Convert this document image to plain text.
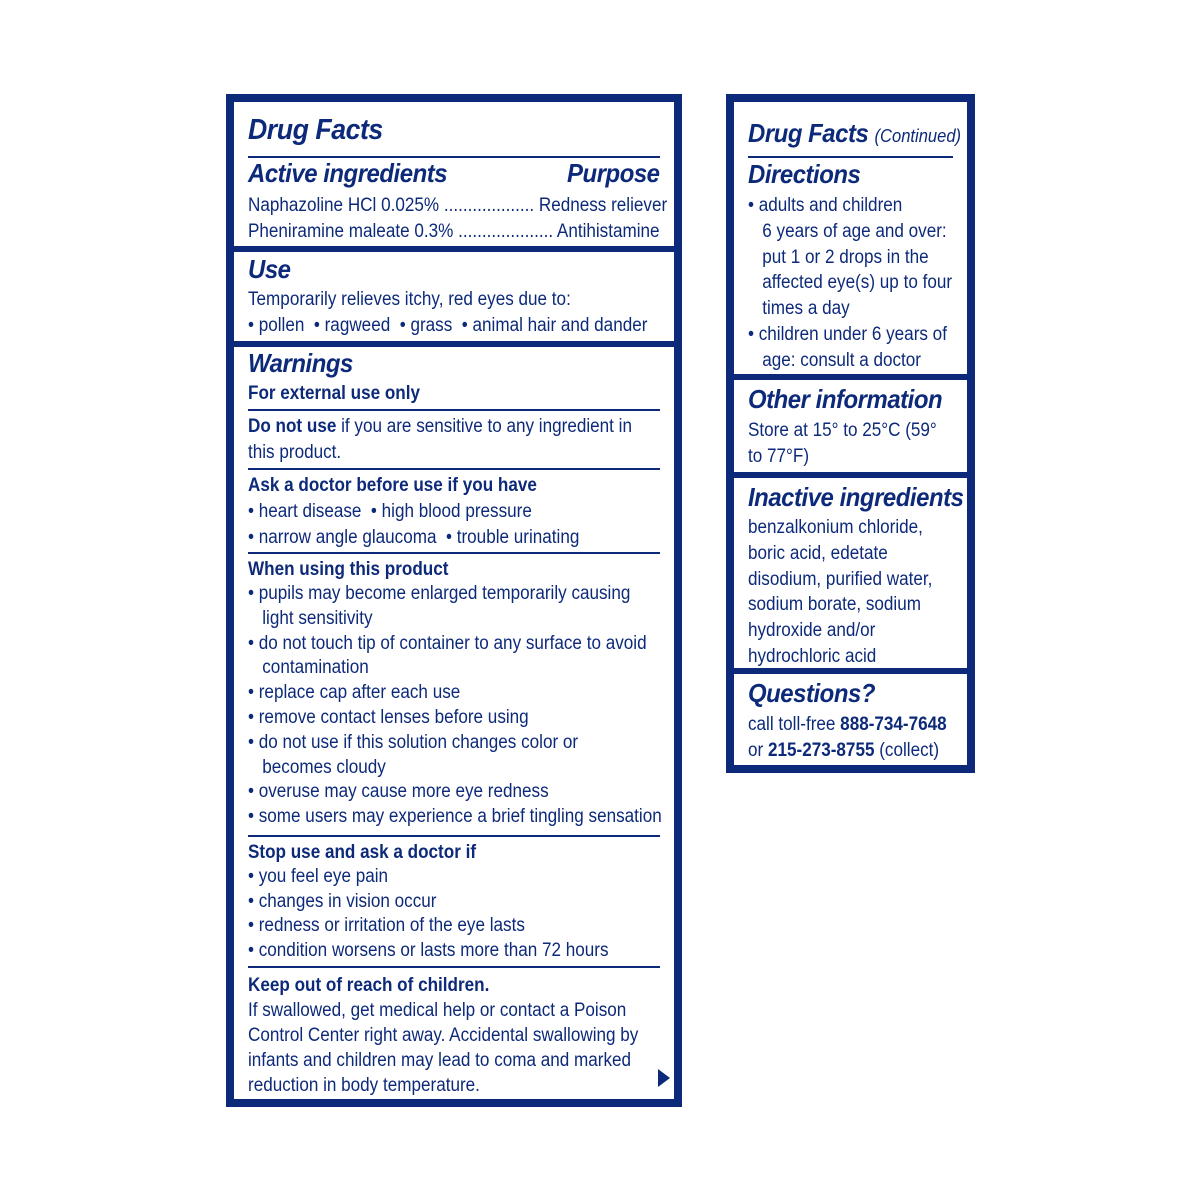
Drug Facts
Active ingredients	Purpose
Naphazoline HCl 0.025% ................... Redness reliever
Pheniramine maleate 0.3% .................... Antihistamine
Use
Temporarily relieves itchy, red eyes due to:
• pollen  • ragweed  • grass  • animal hair and dander
Warnings
For external use only
Do not use if you are sensitive to any ingredient in
this product.
Ask a doctor before use if you have
• heart disease  • high blood pressure
• narrow angle glaucoma  • trouble urinating
When using this product
• pupils may become enlarged temporarily causing
light sensitivity
• do not touch tip of container to any surface to avoid
contamination
• replace cap after each use
• remove contact lenses before using
• do not use if this solution changes color or
becomes cloudy
• overuse may cause more eye redness
• some users may experience a brief tingling sensation
Stop use and ask a doctor if
• you feel eye pain
• changes in vision occur
• redness or irritation of the eye lasts
• condition worsens or lasts more than 72 hours
Keep out of reach of children.
If swallowed, get medical help or contact a Poison
Control Center right away. Accidental swallowing by
infants and children may lead to coma and marked
reduction in body temperature.
Drug Facts (Continued)
Directions
• adults and children
6 years of age and over:
put 1 or 2 drops in the
affected eye(s) up to four
times a day
• children under 6 years of
age: consult a doctor
Other information
Store at 15° to 25°C (59°
to 77°F)
Inactive ingredients
benzalkonium chloride,
boric acid, edetate
disodium, purified water,
sodium borate, sodium
hydroxide and/or
hydrochloric acid
Questions?
call toll-free 888-734-7648
or 215-273-8755 (collect)
